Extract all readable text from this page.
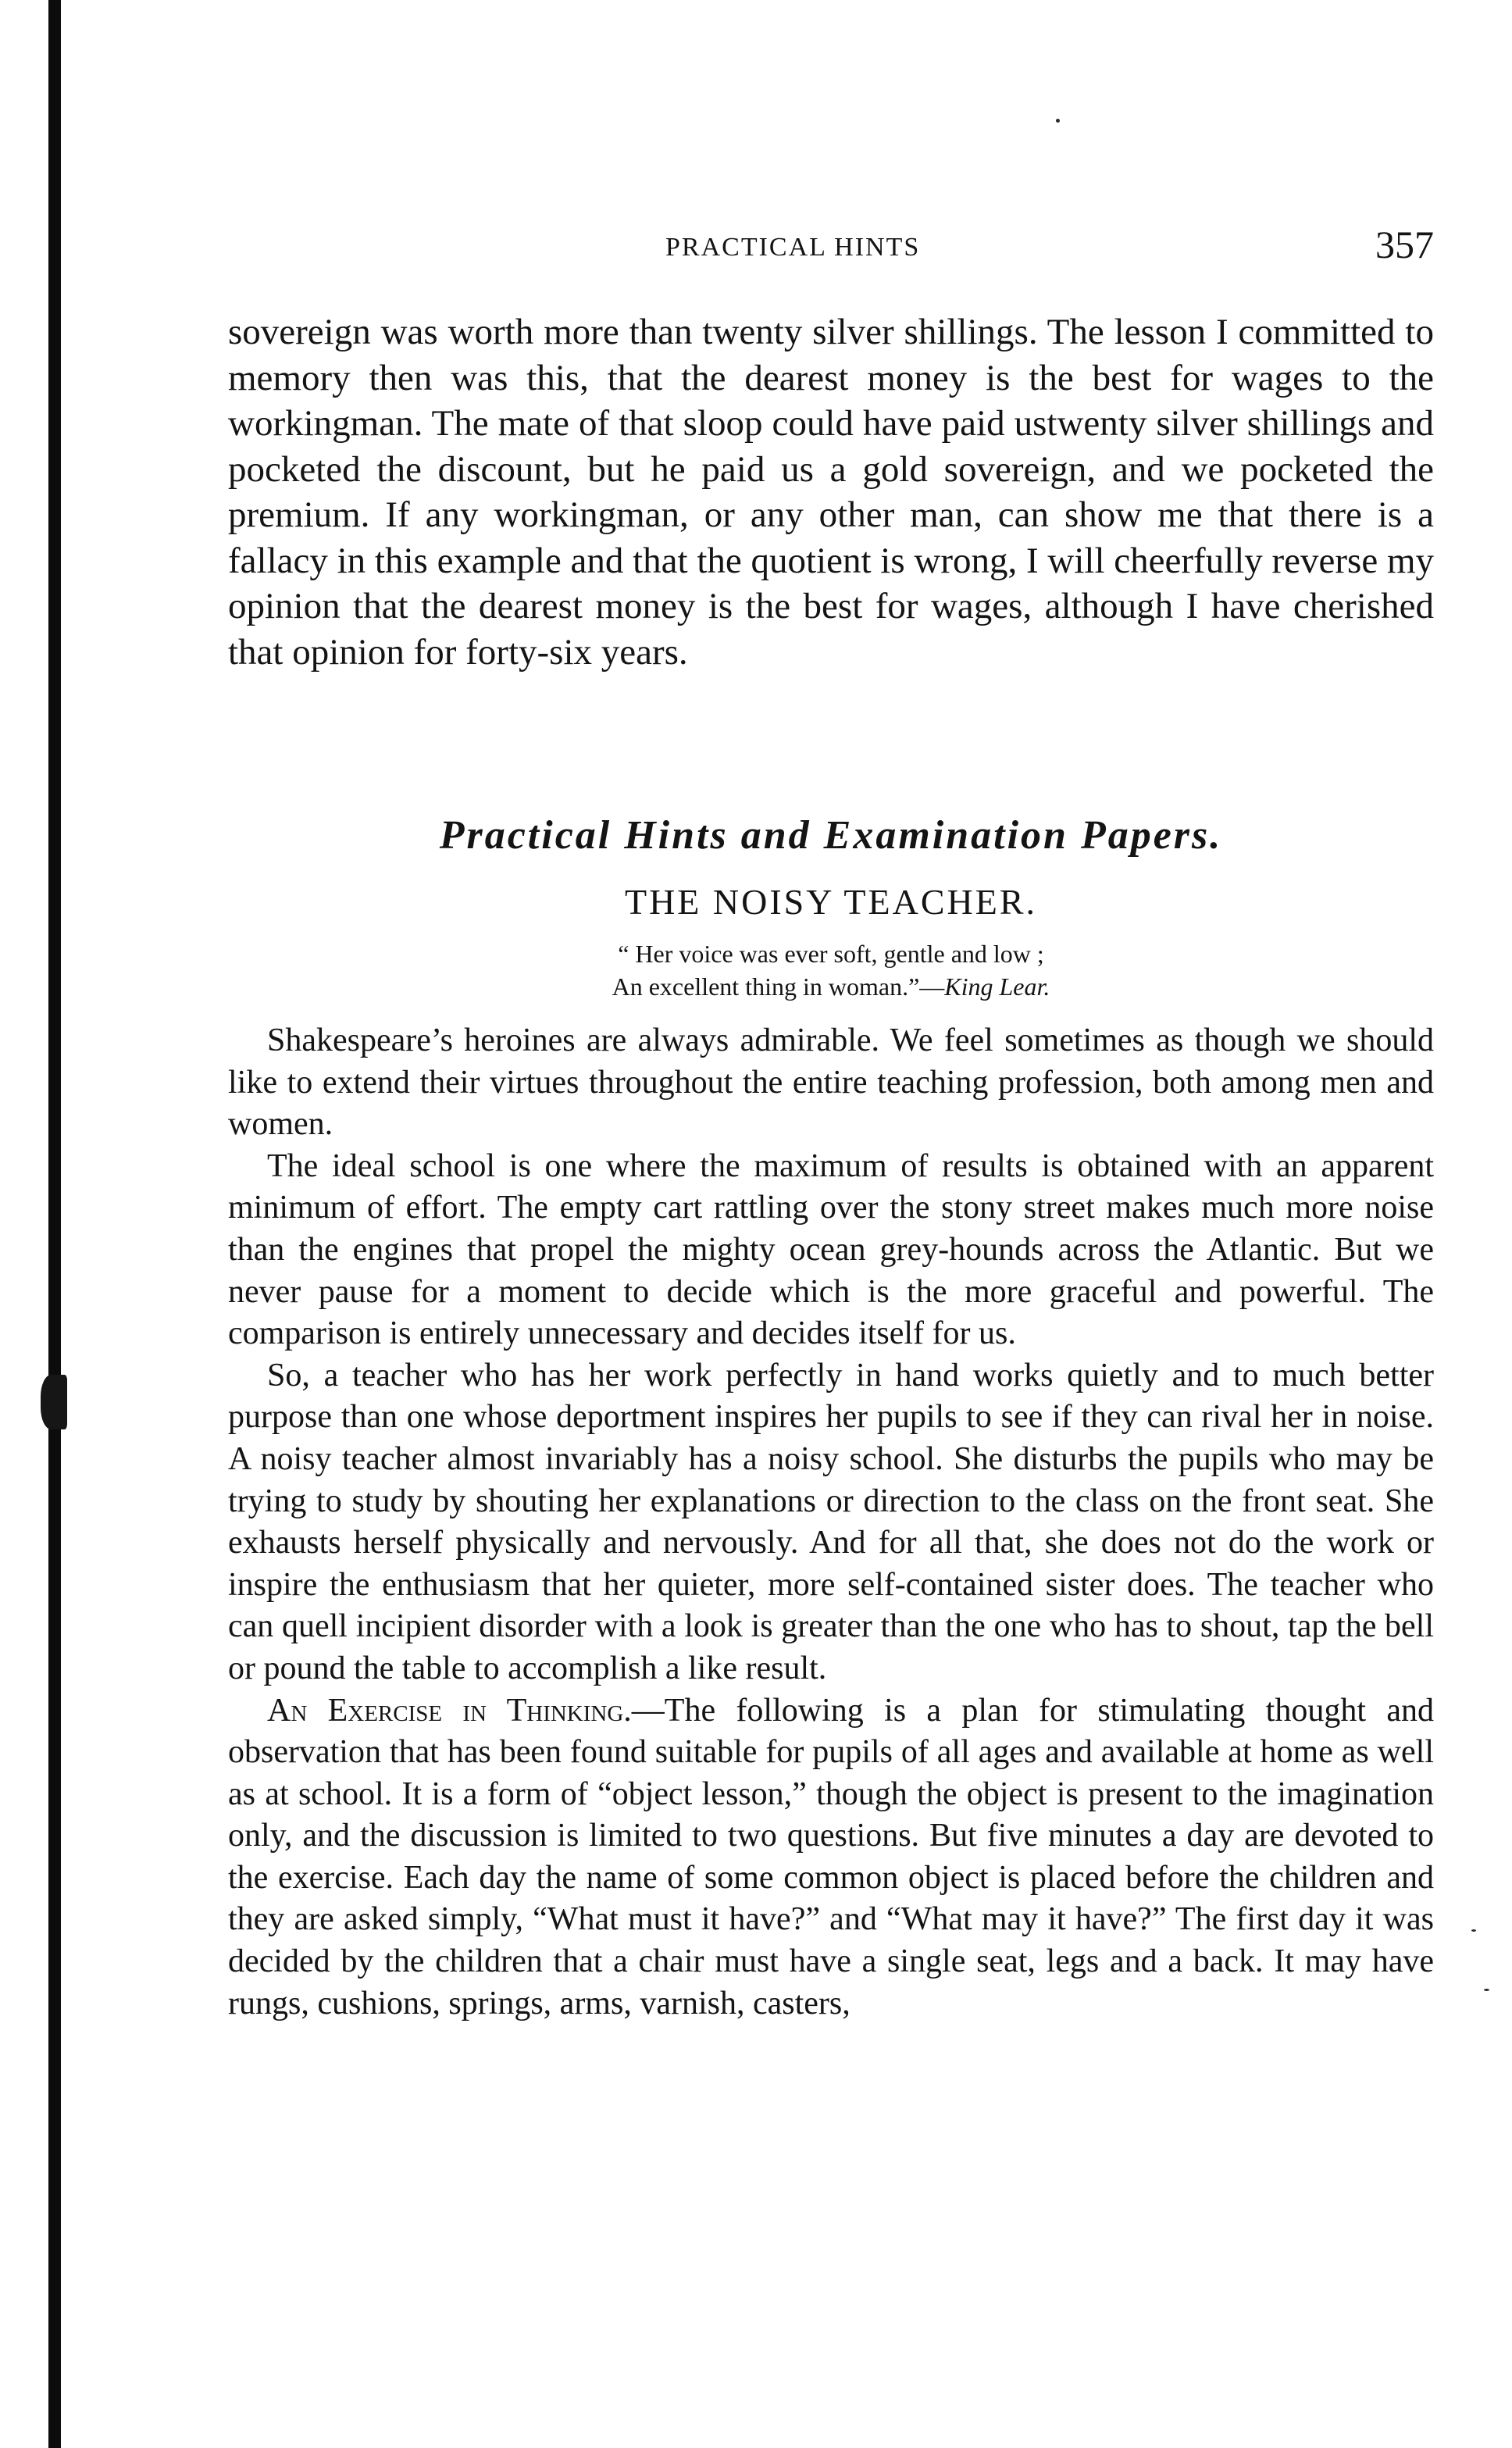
PRACTICAL HINTS	357

sovereign was worth more than twenty silver shillings. The lesson I committed to memory then was this, that the dearest money is the best for wages to the workingman. The mate of that sloop could have paid ustwenty silver shillings and pocketed the discount, but he paid us a gold sovereign, and we pocketed the premium. If any workingman, or any other man, can show me that there is a fallacy in this example and that the quotient is wrong, I will cheerfully reverse my opinion that the dearest money is the best for wages, although I have cherished that opinion for forty-six years.

Practical Hints and Examination Papers.
THE NOISY TEACHER.
“ Her voice was ever soft, gentle and low ;
An excellent thing in woman.”—King Lear.

Shakespeare’s heroines are always admirable. We feel sometimes as though we should like to extend their virtues throughout the entire teaching profession, both among men and women.

The ideal school is one where the maximum of results is obtained with an apparent minimum of effort. The empty cart rattling over the stony street makes much more noise than the engines that propel the mighty ocean grey-hounds across the Atlantic. But we never pause for a moment to decide which is the more graceful and powerful. The comparison is entirely unnecessary and decides itself for us.

So, a teacher who has her work perfectly in hand works quietly and to much better purpose than one whose deportment inspires her pupils to see if they can rival her in noise. A noisy teacher almost invariably has a noisy school. She disturbs the pupils who may be trying to study by shouting her explanations or direction to the class on the front seat. She exhausts herself physically and nervously. And for all that, she does not do the work or inspire the enthusiasm that her quieter, more self-contained sister does. The teacher who can quell incipient disorder with a look is greater than the one who has to shout, tap the bell or pound the table to accomplish a like result.

An Exercise in Thinking.—The following is a plan for stimulating thought and observation that has been found suitable for pupils of all ages and available at home as well as at school. It is a form of “object lesson,” though the object is present to the imagination only, and the discussion is limited to two questions. But five minutes a day are devoted to the exercise. Each day the name of some common object is placed before the children and they are asked simply, “What must it have?” and “What may it have?” The first day it was decided by the children that a chair must have a single seat, legs and a back. It may have rungs, cushions, springs, arms, varnish, casters,
